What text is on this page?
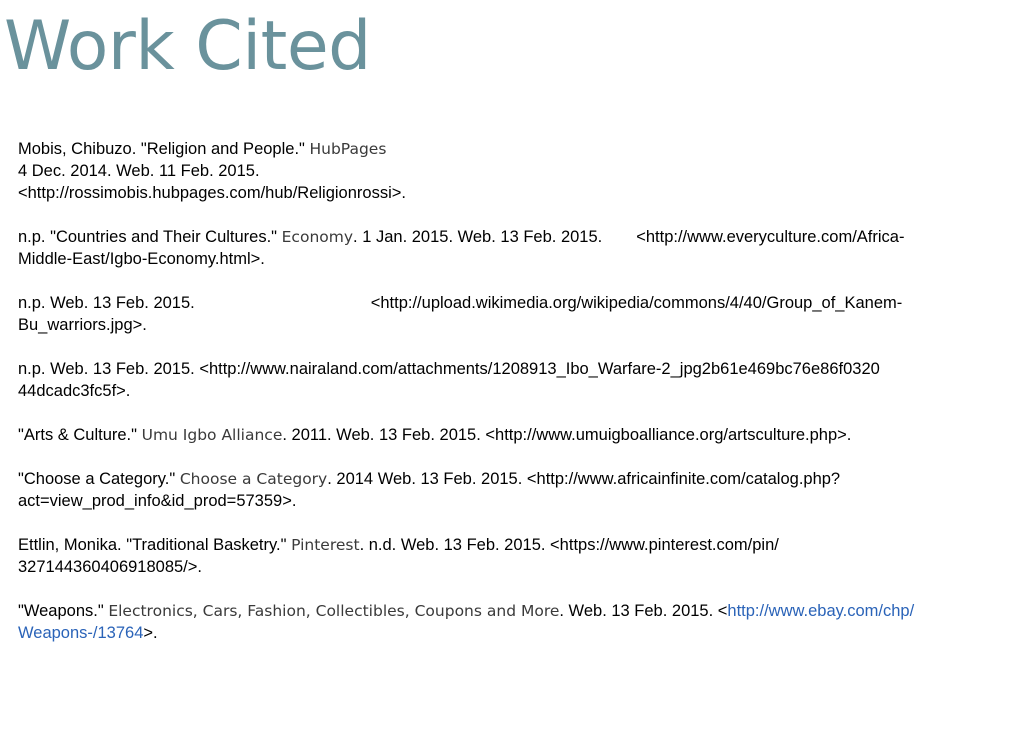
Work Cited

Mobis, Chibuzo. "Religion and People." HubPages
4 Dec. 2014. Web. 11 Feb. 2015.
<http://rossimobis.hubpages.com/hub/Religionrossi>.

n.p. "Countries and Their Cultures." Economy. 1 Jan. 2015. Web. 13 Feb. 2015. <http://www.everyculture.com/Africa-
Middle-East/Igbo-Economy.html>.

n.p. Web. 13 Feb. 2015.	<http://upload.wikimedia.org/wikipedia/commons/4/40/Group_of_Kanem-
Bu_warriors.jpg>.

n.p. Web. 13 Feb. 2015. <http://www.nairaland.com/attachments/1208913_Ibo_Warfare-2_jpg2b61e469bc76e86f0320
44dcadc3fc5f>.

"Arts & Culture." Umu Igbo Alliance. 2011. Web. 13 Feb. 2015. <http://www.umuigboalliance.org/artsculture.php>.

"Choose a Category." Choose a Category. 2014 Web. 13 Feb. 2015. <http://www.africainfinite.com/catalog.php?
act=view_prod_info&id_prod=57359>.

Ettlin, Monika. "Traditional Basketry." Pinterest. n.d. Web. 13 Feb. 2015. <https://www.pinterest.com/pin/
327144360406918085/>.

"Weapons." Electronics, Cars, Fashion, Collectibles, Coupons and More. Web. 13 Feb. 2015. <http://www.ebay.com/chp/
Weapons-/13764>.
